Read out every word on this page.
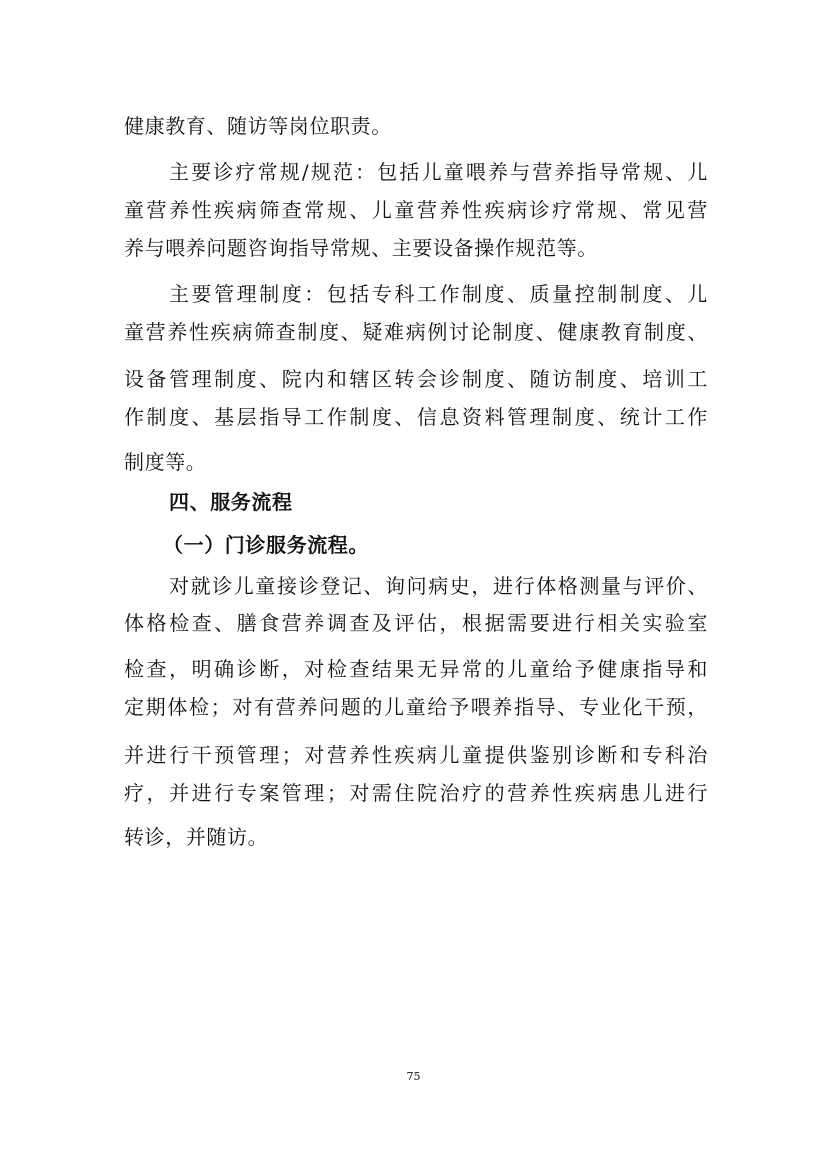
健康教育、随访等岗位职责。
主要诊疗常规/规范：包括儿童喂养与营养指导常规、儿
童营养性疾病筛查常规、儿童营养性疾病诊疗常规、常见营
养与喂养问题咨询指导常规、主要设备操作规范等。
主要管理制度：包括专科工作制度、质量控制制度、儿
童营养性疾病筛查制度、疑难病例讨论制度、健康教育制度、
设备管理制度、院内和辖区转会诊制度、随访制度、培训工
作制度、基层指导工作制度、信息资料管理制度、统计工作
制度等。
四、服务流程
（一）门诊服务流程。
对就诊儿童接诊登记、询问病史，进行体格测量与评价、
体格检查、膳食营养调查及评估，根据需要进行相关实验室
检查，明确诊断，对检查结果无异常的儿童给予健康指导和
定期体检；对有营养问题的儿童给予喂养指导、专业化干预，
并进行干预管理；对营养性疾病儿童提供鉴别诊断和专科治
疗，并进行专案管理；对需住院治疗的营养性疾病患儿进行
转诊，并随访。
75
